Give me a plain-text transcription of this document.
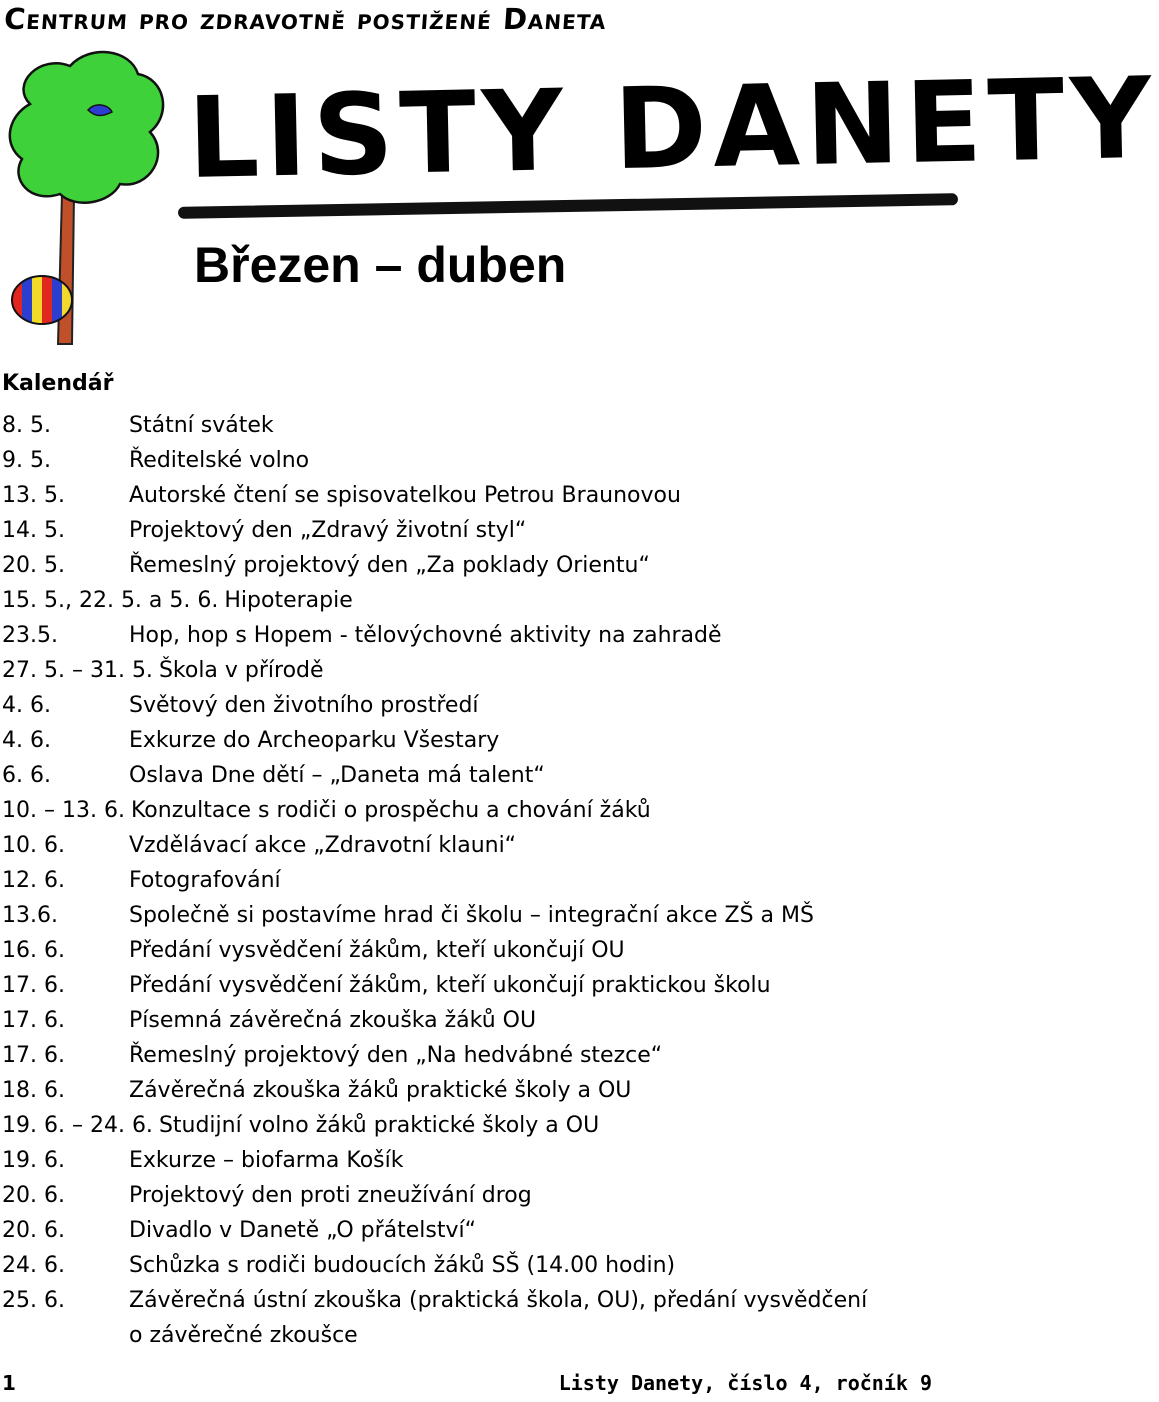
Centrum pro zdravotně postižené Daneta
LISTY DANETY
Březen – duben
Kalendář
8. 5.	Státní svátek
9. 5.	Ředitelské volno
13. 5.	Autorské čtení se spisovatelkou Petrou Braunovou
14. 5.	Projektový den „Zdravý životní styl“
20. 5.	Řemeslný projektový den „Za poklady Orientu“
15. 5., 22. 5. a 5. 6. Hipoterapie
23.5.	Hop, hop s Hopem - tělovýchovné aktivity na zahradě
27. 5. – 31. 5. Škola v přírodě
4. 6.	Světový den životního prostředí
4. 6.	Exkurze do Archeoparku Všestary
6. 6.	Oslava Dne dětí – „Daneta má talent“
10. – 13. 6. Konzultace s rodiči o prospěchu a chování žáků
10. 6.	Vzdělávací akce „Zdravotní klauni“
12. 6.	Fotografování
13.6.	Společně si postavíme hrad či školu – integrační akce ZŠ a MŠ
16. 6.	Předání vysvědčení žákům, kteří ukončují OU
17. 6.	Předání vysvědčení žákům, kteří ukončují praktickou školu
17. 6.	Písemná závěrečná zkouška žáků OU
17. 6.	Řemeslný projektový den „Na hedvábné stezce“
18. 6.	Závěrečná zkouška žáků praktické školy a OU
19. 6. – 24. 6. Studijní volno žáků praktické školy a OU
19. 6.	Exkurze – biofarma Košík
20. 6.	Projektový den proti zneužívání drog
20. 6.	Divadlo v Danetě „O přátelství“
24. 6.	Schůzka s rodiči budoucích žáků SŠ (14.00 hodin)
25. 6.	Závěrečná ústní zkouška (praktická škola, OU), předání vysvědčení
o závěrečné zkoušce
1	Listy Danety, číslo 4, ročník 9
